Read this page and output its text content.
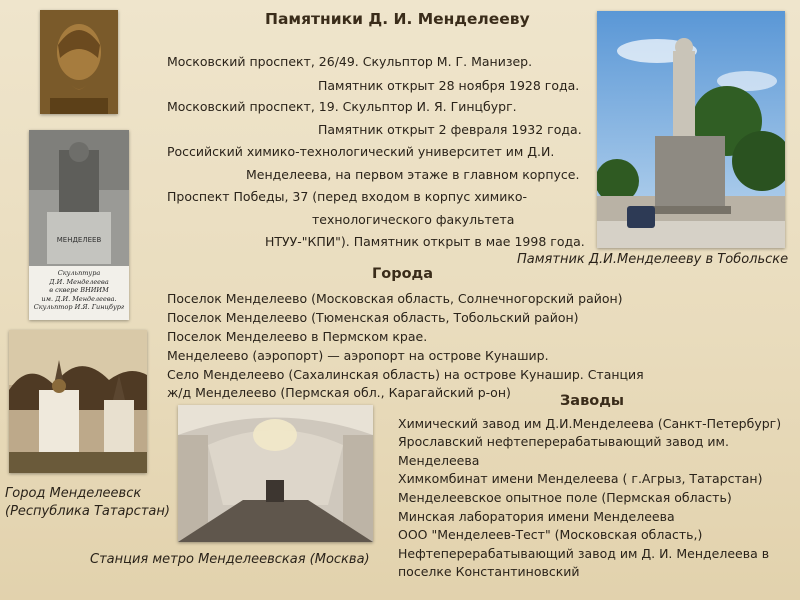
Памятники Д. И. Менделееву
Памятник Д.И.Менделееву в Тобольске
МЕНДЕЛЕЕВ
Скульптура
Д.И. Менделеева
в сквере ВНИИМ
им. Д.И. Менделеева.
Скульптор И.Я. Гинцбург
Город Менделеевск
(Республика Татарстан)
Станция метро Менделеевская (Москва)
Московский проспект, 26/49. Скульптор М. Г. Манизер.
Памятник открыт 28 ноября 1928 года.
Московский проспект, 19. Скульптор И. Я. Гинцбург.
Памятник открыт 2 февраля 1932 года.
Российский химико-технологический университет им Д.И.
Менделеева, на первом этаже в главном корпусе.
Проспект Победы, 37 (перед входом в корпус химико-
технологического факультета
НТУУ-"КПИ"). Памятник открыт в мае 1998 года.
Города
Поселок Менделеево (Московская область, Солнечногорский район)
Поселок Менделеево (Тюменская область, Тобольский район)
Поселок Менделеево в Пермском крае.
Менделеево (аэропорт) — аэропорт на острове Кунашир.
Село Менделеево (Сахалинская область) на острове Кунашир. Станция
ж/д Менделеево (Пермская обл., Карагайский р-он)
Заводы
Химический завод им Д.И.Менделеева (Санкт-Петербург)
Ярославский нефтеперерабатывающий завод им.
Менделеева
Химкомбинат имени Менделеева ( г.Агрыз, Татарстан)
Менделеевское опытное поле (Пермская область)
Минская лаборатория имени Менделеева
ООО "Менделеев-Тест" (Московская область,)
Нефтеперерабатывающий завод им Д. И. Менделеева в
поселке Константиновский
